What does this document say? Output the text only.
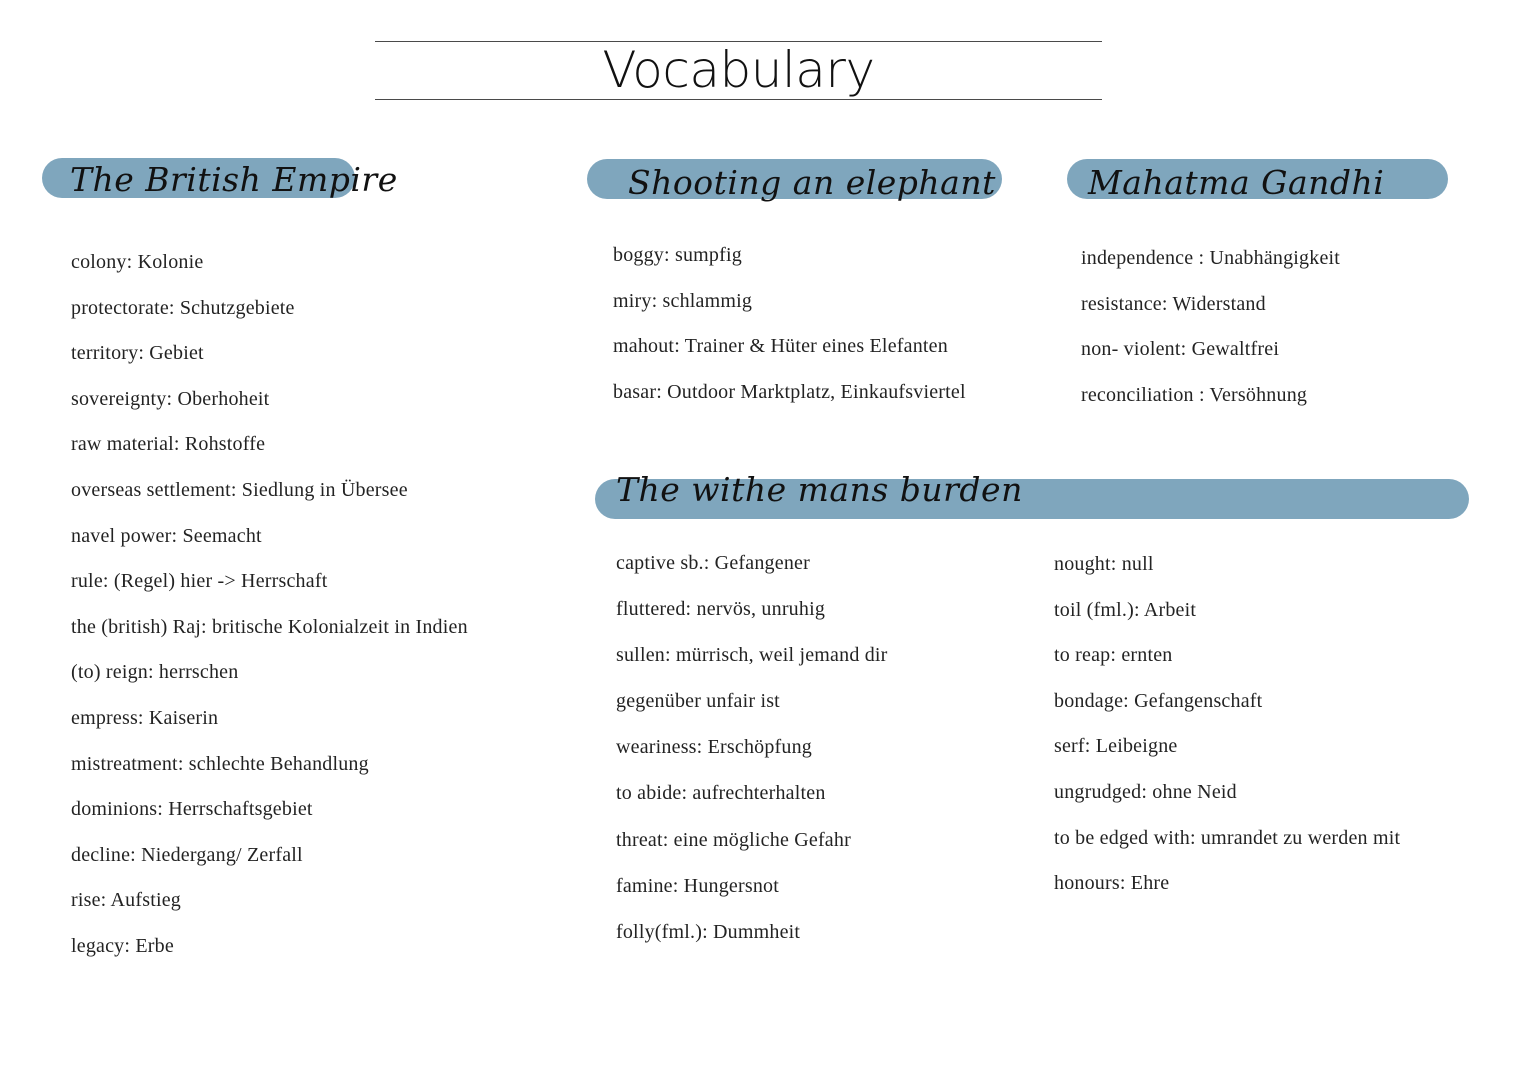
Vocabulary
The British Empire
colony: Kolonie
protectorate: Schutzgebiete
territory: Gebiet
sovereignty: Oberhoheit
raw material: Rohstoffe
overseas settlement: Siedlung in Übersee
navel power: Seemacht
rule: (Regel) hier -> Herrschaft
the (british) Raj: britische Kolonialzeit in Indien
(to) reign: herrschen
empress: Kaiserin
mistreatment: schlechte Behandlung
dominions: Herrschaftsgebiet
decline: Niedergang/ Zerfall
rise: Aufstieg
legacy: Erbe
Shooting an elephant
boggy: sumpfig
miry: schlammig
mahout: Trainer & Hüter eines Elefanten
basar: Outdoor Marktplatz, Einkaufsviertel
Mahatma Gandhi
independence : Unabhängigkeit
resistance: Widerstand
non- violent: Gewaltfrei
reconciliation : Versöhnung
The withe mans burden
captive sb.: Gefangener
fluttered: nervös, unruhig
sullen: mürrisch, weil jemand dir
gegenüber unfair ist
weariness: Erschöpfung
to abide: aufrechterhalten
threat: eine mögliche Gefahr
famine: Hungersnot
folly(fml.): Dummheit
nought: null
toil (fml.): Arbeit
to reap: ernten
bondage: Gefangenschaft
serf: Leibeigne
ungrudged: ohne Neid
to be edged with: umrandet zu werden mit
honours: Ehre
